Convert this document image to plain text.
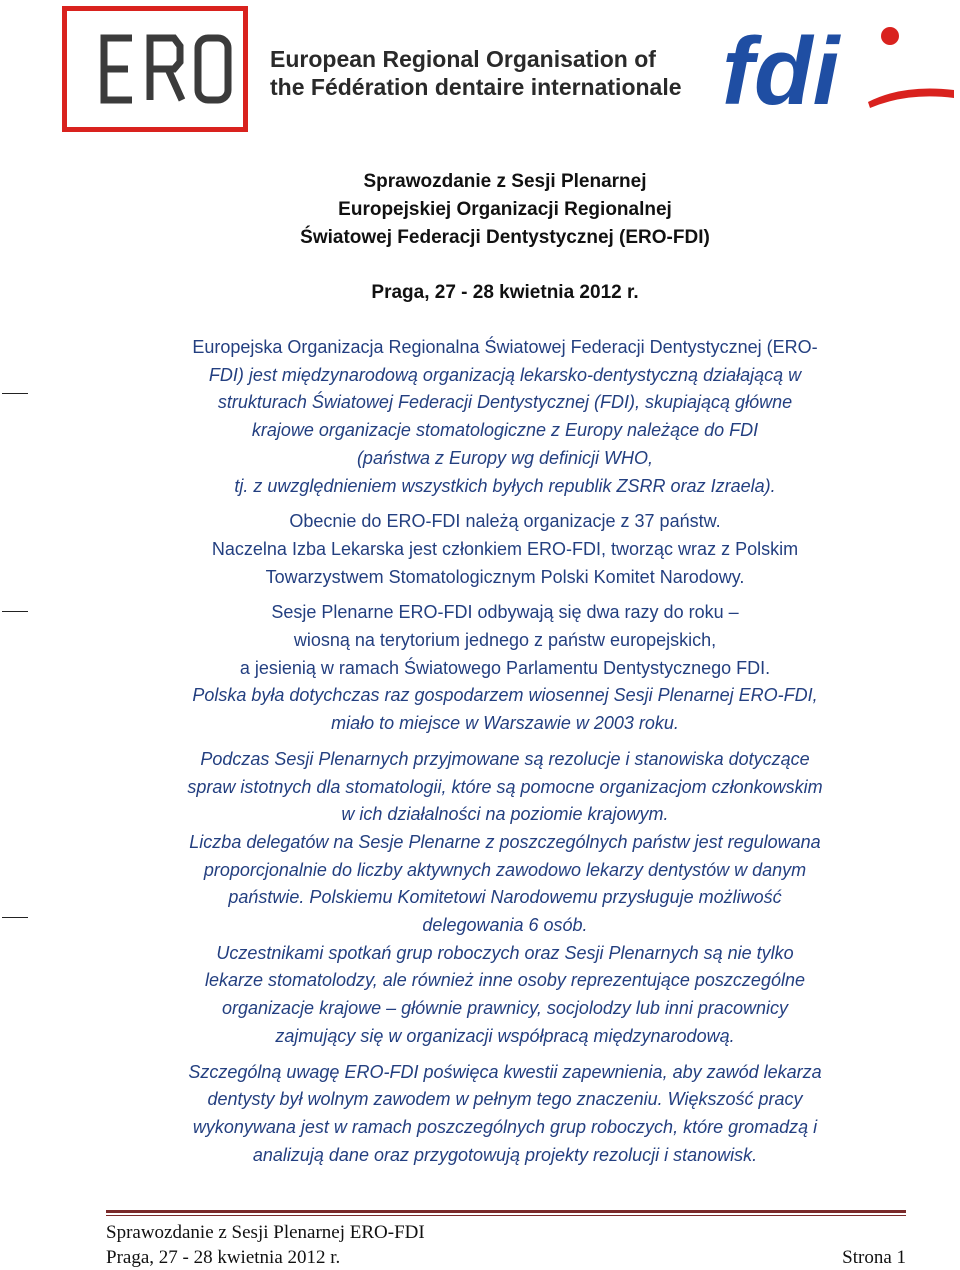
European Regional Organisation of
the Fédération dentaire internationale fdi
Sprawozdanie z Sesji Plenarnej
Europejskiej Organizacji Regionalnej
Światowej Federacji Dentystycznej (ERO-FDI)
Praga, 27 - 28 kwietnia 2012 r.

Europejska Organizacja Regionalna Światowej Federacji Dentystycznej (ERO-

FDI) jest międzynarodową organizacją lekarsko-dentystyczną działającą w
strukturach Światowej Federacji Dentystycznej (FDI), skupiającą główne
krajowe organizacje stomatologiczne z Europy należące do FDI
(państwa z Europy wg definicji WHO,
tj. z uwzględnieniem wszystkich byłych republik ZSRR oraz Izraela).

Obecnie do ERO-FDI należą organizacje z 37 państw.
Naczelna Izba Lekarska jest członkiem ERO-FDI, tworząc wraz z Polskim
Towarzystwem Stomatologicznym Polski Komitet Narodowy.

Sesje Plenarne ERO-FDI odbywają się dwa razy do roku –
wiosną na terytorium jednego z państw europejskich,
a jesienią w ramach Światowego Parlamentu Dentystycznego FDI.

Polska była dotychczas raz gospodarzem wiosennej Sesji Plenarnej ERO-FDI,
miało to miejsce w Warszawie w 2003 roku.

Podczas Sesji Plenarnych przyjmowane są rezolucje i stanowiska dotyczące
spraw istotnych dla stomatologii, które są pomocne organizacjom członkowskim
w ich działalności na poziomie krajowym.
Liczba delegatów na Sesje Plenarne z poszczególnych państw jest regulowana
proporcjonalnie do liczby aktywnych zawodowo lekarzy dentystów w danym
państwie. Polskiemu Komitetowi Narodowemu przysługuje możliwość
delegowania 6 osób.
Uczestnikami spotkań grup roboczych oraz Sesji Plenarnych są nie tylko
lekarze stomatolodzy, ale również inne osoby reprezentujące poszczególne
organizacje krajowe – głównie prawnicy, socjolodzy lub inni pracownicy
zajmujący się w organizacji współpracą międzynarodową.

Szczególną uwagę ERO-FDI poświęca kwestii zapewnienia, aby zawód lekarza
dentysty był wolnym zawodem w pełnym tego znaczeniu. Większość pracy
wykonywana jest w ramach poszczególnych grup roboczych, które gromadzą i
analizują dane oraz przygotowują projekty rezolucji i stanowisk.

Sprawozdanie z Sesji Plenarnej ERO-FDI
Praga, 27 - 28 kwietnia 2012 r.	Strona 1
